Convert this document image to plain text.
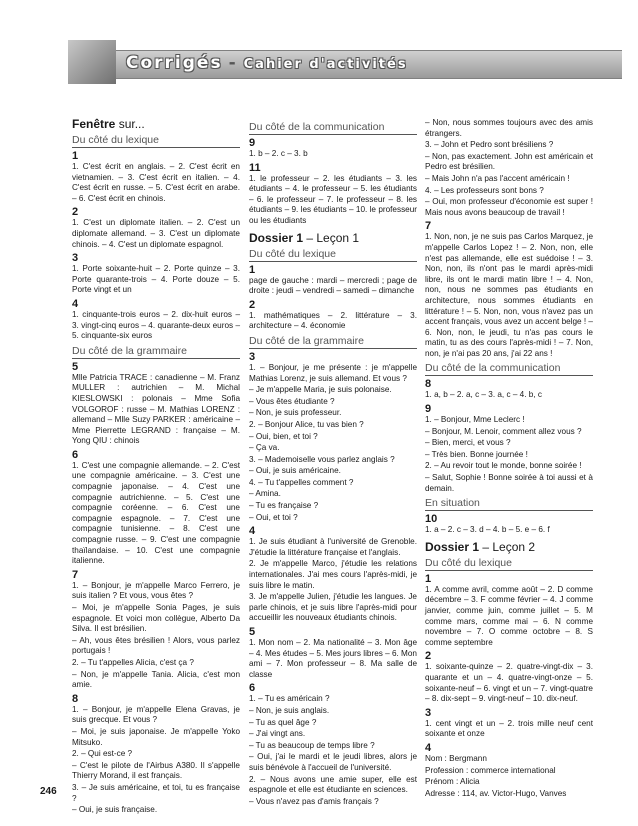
Corrigés - Cahier d'activités
Fenêtre sur...
Du côté du lexique
1

1. C'est écrit en anglais. – 2. C'est écrit en vietnamien. – 3. C'est écrit en italien. – 4. C'est écrit en russe. – 5. C'est écrit en arabe. – 6. C'est écrit en chinois.

2

1. C'est un diplomate italien. – 2. C'est un diplomate allemand. – 3. C'est un diplomate chinois. – 4. C'est un diplomate espagnol.

3

1. Porte soixante-huit – 2. Porte quinze – 3. Porte quarante-trois – 4. Porte douze – 5. Porte vingt et un

4

1. cinquante-trois euros – 2. dix-huit euros – 3. vingt-cinq euros – 4. quarante-deux euros – 5. cinquante-six euros

Du côté de la grammaire
5

Mlle Patricia TRACE : canadienne – M. Franz MULLER : autrichien – M. Michal KIESLOWSKI : polonais – Mme Sofia VOLGOROF : russe – M. Mathias LORENZ : allemand – Mlle Suzy PARKER : américaine – Mme Pierrette LEGRAND : française – M. Yong QIU : chinois

6

1. C'est une compagnie allemande. – 2. C'est une compagnie américaine. – 3. C'est une compagnie japonaise. – 4. C'est une compagnie autrichienne. – 5. C'est une compagnie coréenne. – 6. C'est une compagnie espagnole. – 7. C'est une compagnie tunisienne. – 8. C'est une compagnie russe. – 9. C'est une compagnie thaïlandaise. – 10. C'est une compagnie italienne.

7

1. – Bonjour, je m'appelle Marco Ferrero, je suis italien ? Et vous, vous êtes ?

– Moi, je m'appelle Sonia Pages, je suis espagnole. Et voici mon collègue, Alberto Da Silva. Il est brésilien.

– Ah, vous êtes brésilien ! Alors, vous parlez portugais !

2. – Tu t'appelles Alicia, c'est ça ?

– Non, je m'appelle Tania. Alicia, c'est mon amie.

8

1. – Bonjour, je m'appelle Elena Gravas, je suis grecque. Et vous ?

– Moi, je suis japonaise. Je m'appelle Yoko Mitsuko.

2. – Qui est-ce ?

– C'est le pilote de l'Airbus A380. Il s'appelle Thierry Morand, il est français.

3. – Je suis américaine, et toi, tu es française ?

– Oui, je suis française.

Du côté de la communication
9

1. b – 2. c – 3. b

11

1. le professeur – 2. les étudiants – 3. les étudiants – 4. le professeur – 5. les étudiants – 6. le professeur – 7. le professeur – 8. les étudiants – 9. les étudiants – 10. le professeur ou les étudiants

Dossier 1 – Leçon 1
Du côté du lexique
1

page de gauche : mardi – mercredi ; page de droite : jeudi – vendredi – samedi – dimanche

2

1. mathématiques – 2. littérature – 3. architecture – 4. économie

Du côté de la grammaire
3

1. – Bonjour, je me présente : je m'appelle Mathias Lorenz, je suis allemand. Et vous ?

– Je m'appelle Maria, je suis polonaise.

– Vous êtes étudiante ?

– Non, je suis professeur.

2. – Bonjour Alice, tu vas bien ?

– Oui, bien, et toi ?

– Ça va.

3. – Mademoiselle vous parlez anglais ?

– Oui, je suis américaine.

4. – Tu t'appelles comment ?

– Amina.

– Tu es française ?

– Oui, et toi ?

4

1. Je suis étudiant à l'université de Grenoble. J'étudie la littérature française et l'anglais.

2. Je m'appelle Marco, j'étudie les relations internationales. J'ai mes cours l'après-midi, je suis libre le matin.

3. Je m'appelle Julien, j'étudie les langues. Je parle chinois, et je suis libre l'après-midi pour accueillir les nouveaux étudiants chinois.

5

1. Mon nom – 2. Ma nationalité – 3. Mon âge – 4. Mes études – 5. Mes jours libres – 6. Mon ami – 7. Mon professeur – 8. Ma salle de classe

6

1. – Tu es américain ?

– Non, je suis anglais.

– Tu as quel âge ?

– J'ai vingt ans.

– Tu as beaucoup de temps libre ?

– Oui, j'ai le mardi et le jeudi libres, alors je suis bénévole à l'accueil de l'université.

2. – Nous avons une amie super, elle est espagnole et elle est étudiante en sciences.

– Vous n'avez pas d'amis français ?

– Non, nous sommes toujours avec des amis étrangers.

3. – John et Pedro sont brésiliens ?

– Non, pas exactement. John est américain et Pedro est brésilien.

– Mais John n'a pas l'accent américain !

4. – Les professeurs sont bons ?

– Oui, mon professeur d'économie est super ! Mais nous avons beaucoup de travail !

7

1. Non, non, je ne suis pas Carlos Marquez, je m'appelle Carlos Lopez ! – 2. Non, non, elle n'est pas allemande, elle est suédoise ! – 3. Non, non, ils n'ont pas le mardi après-midi libre, ils ont le mardi matin libre ! – 4. Non, non, nous ne sommes pas étudiants en architecture, nous sommes étudiants en littérature ! – 5. Non, non, vous n'avez pas un accent français, vous avez un accent belge ! – 6. Non, non, le jeudi, tu n'as pas cours le matin, tu as des cours l'après-midi ! – 7. Non, non, je n'ai pas 20 ans, j'ai 22 ans !

Du côté de la communication
8

1. a, b – 2. a, c – 3. a, c – 4. b, c

9

1. – Bonjour, Mme Leclerc !

– Bonjour, M. Lenoir, comment allez vous ?

– Bien, merci, et vous ?

– Très bien. Bonne journée !

2. – Au revoir tout le monde, bonne soirée !

– Salut, Sophie ! Bonne soirée à toi aussi et à demain.

En situation
10

1. a – 2. c – 3. d – 4. b – 5. e – 6. f

Dossier 1 – Leçon 2
Du côté du lexique
1

1. A comme avril, comme août – 2. D comme décembre – 3. F comme février – 4. J comme janvier, comme juin, comme juillet – 5. M comme mars, comme mai – 6. N comme novembre – 7. O comme octobre – 8. S comme septembre

2

1. soixante-quinze – 2. quatre-vingt-dix – 3. quarante et un – 4. quatre-vingt-onze – 5. soixante-neuf – 6. vingt et un – 7. vingt-quatre – 8. dix-sept – 9. vingt-neuf – 10. dix-neuf.

3

1. cent vingt et un – 2. trois mille neuf cent soixante et onze

4

Nom : Bergmann

Profession : commerce international

Prénom : Alicia

Adresse : 114, av. Victor-Hugo, Vanves

246
